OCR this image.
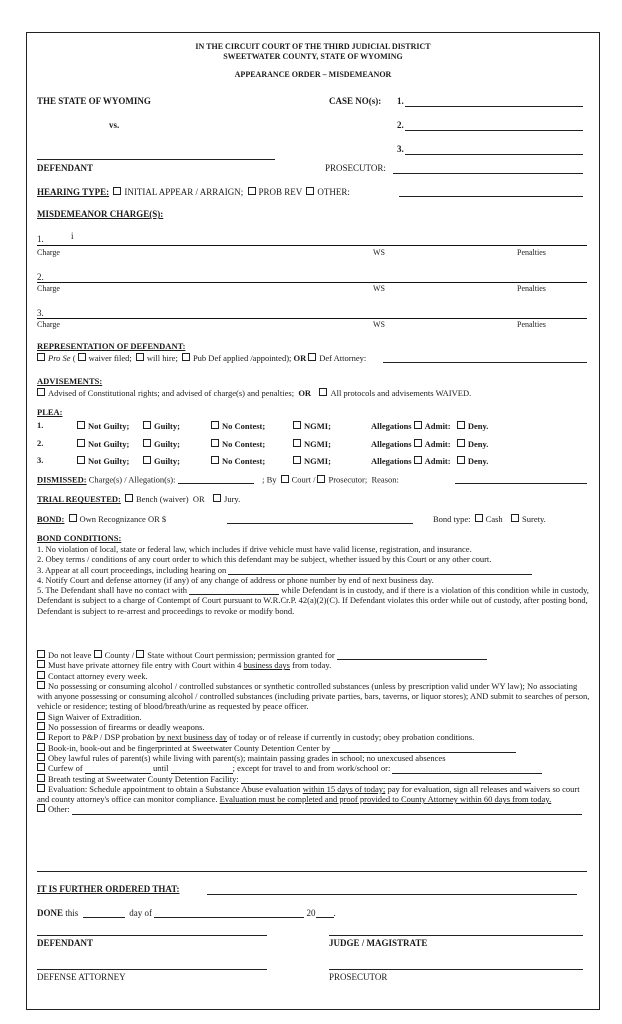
IN THE CIRCUIT COURT OF THE THIRD JUDICIAL DISTRICT
SWEETWATER COUNTY, STATE OF WYOMING
APPEARANCE ORDER – MISDEMEANOR
THE STATE OF WYOMING	CASE NO(s): 1.
vs.	2.
3.
DEFENDANT	PROSECUTOR:
HEARING TYPE: INITIAL APPEAR / ARRAIGN; PROB REV OTHER:
MISDEMEANOR CHARGE(S):
1.	i
Charge	WS	Penalties
2.
Charge	WS	Penalties
3.
Charge	WS	Penalties
REPRESENTATION OF DEFENDANT:
Pro Se ( waiver filed; will hire; Pub Def applied /appointed); OR Def Attorney:
ADVISEMENTS:
Advised of Constitutional rights; and advised of charge(s) and penalties; OR All protocols and advisements WAIVED.
PLEA:
1.	Not Guilty;	Guilty;	No Contest;	NGMI;	Allegations Admit: Deny.
2.	Not Guilty;	Guilty;	No Contest;	NGMI;	Allegations Admit: Deny.
3.	Not Guilty;	Guilty;	No Contest;	NGMI;	Allegations Admit: Deny.
DISMISSED: Charge(s) / Allegation(s):	; By Court / Prosecutor; Reason:
TRIAL REQUESTED: Bench (waiver) OR Jury.
BOND: Own Recognizance OR $	Bond type: Cash Surety.
BOND CONDITIONS:
1. No violation of local, state or federal law, which includes if drive vehicle must have valid license, registration, and insurance.
2. Obey terms / conditions of any court order to which this defendant may be subject, whether issued by this Court or any other court.
3. Appear at all court proceedings, including hearing on
4. Notify Court and defense attorney (if any) of any change of address or phone number by end of next business day.
5. The Defendant shall have no contact with	while Defendant is in custody, and if there is a violation of this condition while in custody, Defendant is subject to a charge of Contempt of Court pursuant to W.R.Cr.P. 42(a)(2)(C). If Defendant violates this order while out of custody, after posting bond, Defendant is subject to re-arrest and proceedings to revoke or modify bond.
Do not leave County / State without Court permission; permission granted for
Must have private attorney file entry with Court within 4 business days from today.
Contact attorney every week.
No possessing or consuming alcohol / controlled substances or synthetic controlled substances (unless by prescription valid under WY law); No associating with anyone possessing or consuming alcohol / controlled substances (including private parties, bars, taverns, or liquor stores); AND submit to searches of person, vehicle or residence; testing of blood/breath/urine as requested by peace officer.
Sign Waiver of Extradition.
No possession of firearms or deadly weapons.
Report to P&P / DSP probation by next business day of today or of release if currently in custody; obey probation conditions.
Book-in, book-out and be fingerprinted at Sweetwater County Detention Center by
Obey lawful rules of parent(s) while living with parent(s); maintain passing grades in school; no unexcused absences
Curfew of	until	; except for travel to and from work/school or:
Breath testing at Sweetwater County Detention Facility:
Evaluation: Schedule appointment to obtain a Substance Abuse evaluation within 15 days of today; pay for evaluation, sign all releases and waivers so court and county attorney's office can monitor compliance. Evaluation must be completed and proof provided to County Attorney within 60 days from today.
Other:
IT IS FURTHER ORDERED THAT:
DONE this	day of	20 .
DEFENDANT	JUDGE / MAGISTRATE
DEFENSE ATTORNEY	PROSECUTOR
